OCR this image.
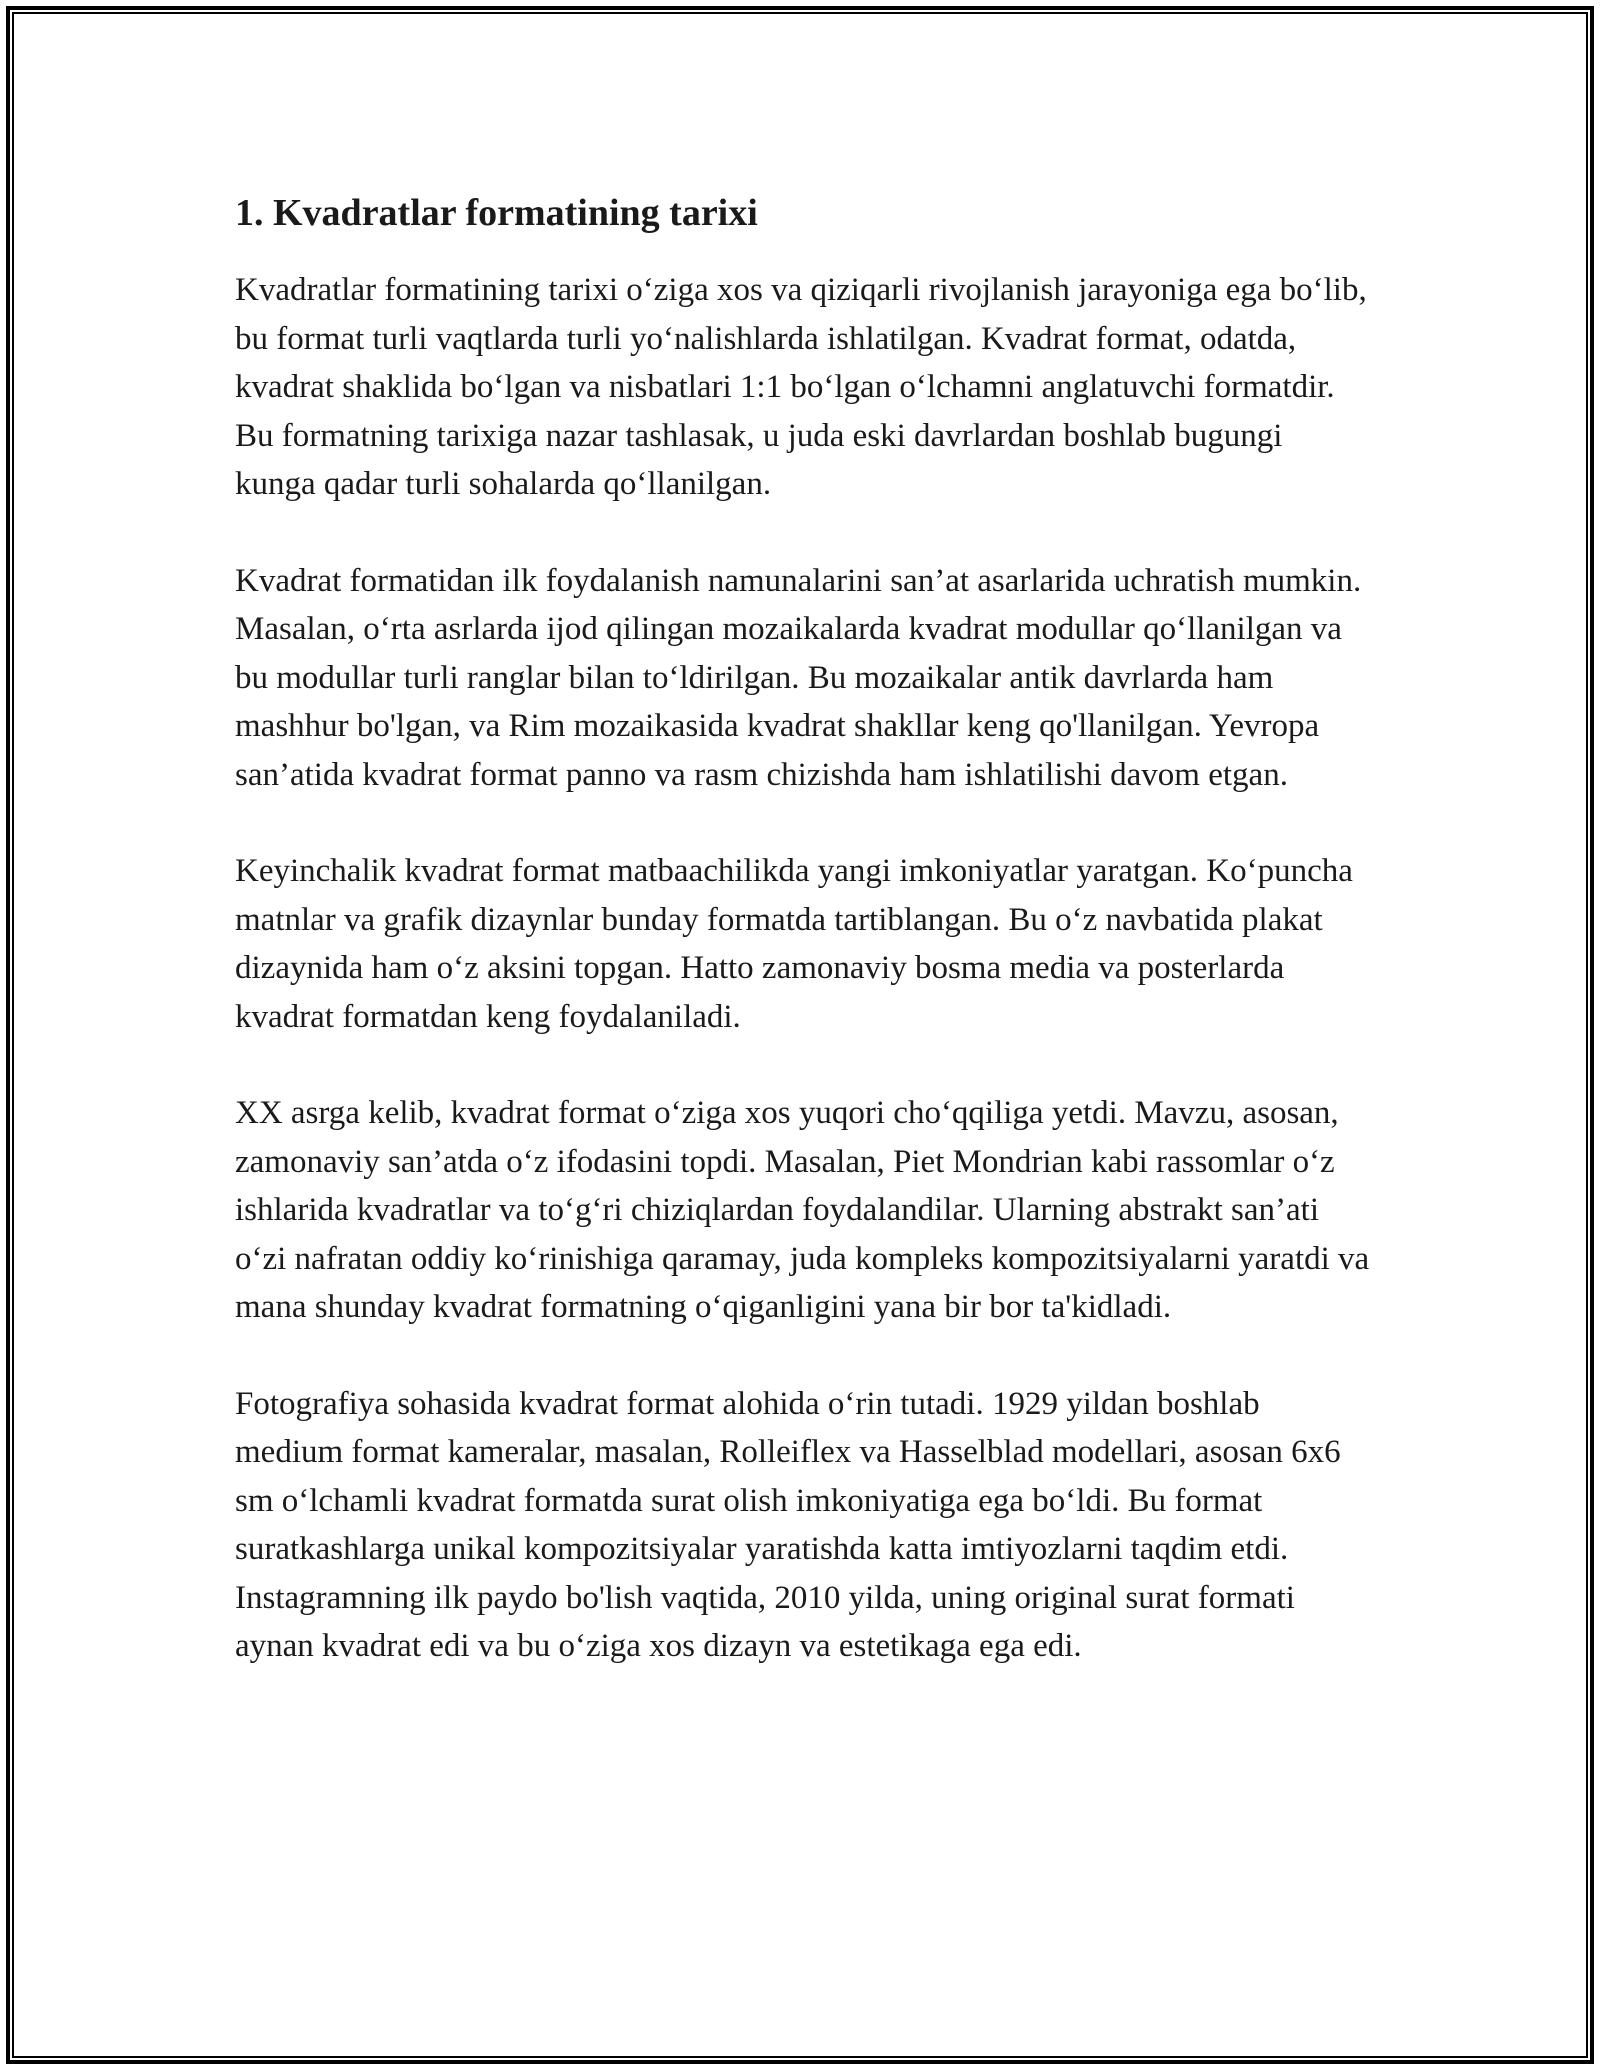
1. Kvadratlar formatining tarixi

Kvadratlar formatining tarixi o‘ziga xos va qiziqarli rivojlanish jarayoniga ega bo‘lib, bu format turli vaqtlarda turli yo‘nalishlarda ishlatilgan. Kvadrat format, odatda, kvadrat shaklida bo‘lgan va nisbatlari 1:1 bo‘lgan o‘lchamni anglatuvchi formatdir. Bu formatning tarixiga nazar tashlasak, u juda eski davrlardan boshlab bugungi kunga qadar turli sohalarda qo‘llanilgan.

Kvadrat formatidan ilk foydalanish namunalarini san’at asarlarida uchratish mumkin. Masalan, o‘rta asrlarda ijod qilingan mozaikalarda kvadrat modullar qo‘llanilgan va bu modullar turli ranglar bilan to‘ldirilgan. Bu mozaikalar antik davrlarda ham mashhur bo'lgan, va Rim mozaikasida kvadrat shakllar keng qo'llanilgan. Yevropa san’atida kvadrat format panno va rasm chizishda ham ishlatilishi davom etgan.

Keyinchalik kvadrat format matbaachilikda yangi imkoniyatlar yaratgan. Ko‘puncha matnlar va grafik dizaynlar bunday formatda tartiblangan. Bu o‘z navbatida plakat dizaynida ham o‘z aksini topgan. Hatto zamonaviy bosma media va posterlarda kvadrat formatdan keng foydalaniladi.

XX asrga kelib, kvadrat format o‘ziga xos yuqori cho‘qqiliga yetdi. Mavzu, asosan, zamonaviy san’atda o‘z ifodasini topdi. Masalan, Piet Mondrian kabi rassomlar o‘z ishlarida kvadratlar va to‘g‘ri chiziqlardan foydalandilar. Ularning abstrakt san’ati o‘zi nafratan oddiy ko‘rinishiga qaramay, juda kompleks kompozitsiyalarni yaratdi va mana shunday kvadrat formatning o‘qiganligini yana bir bor ta'kidladi.

Fotografiya sohasida kvadrat format alohida o‘rin tutadi. 1929 yildan boshlab medium format kameralar, masalan, Rolleiflex va Hasselblad modellari, asosan 6x6 sm o‘lchamli kvadrat formatda surat olish imkoniyatiga ega bo‘ldi. Bu format suratkashlarga unikal kompozitsiyalar yaratishda katta imtiyozlarni taqdim etdi. Instagramning ilk paydo bo'lish vaqtida, 2010 yilda, uning original surat formati aynan kvadrat edi va bu o‘ziga xos dizayn va estetikaga ega edi.
